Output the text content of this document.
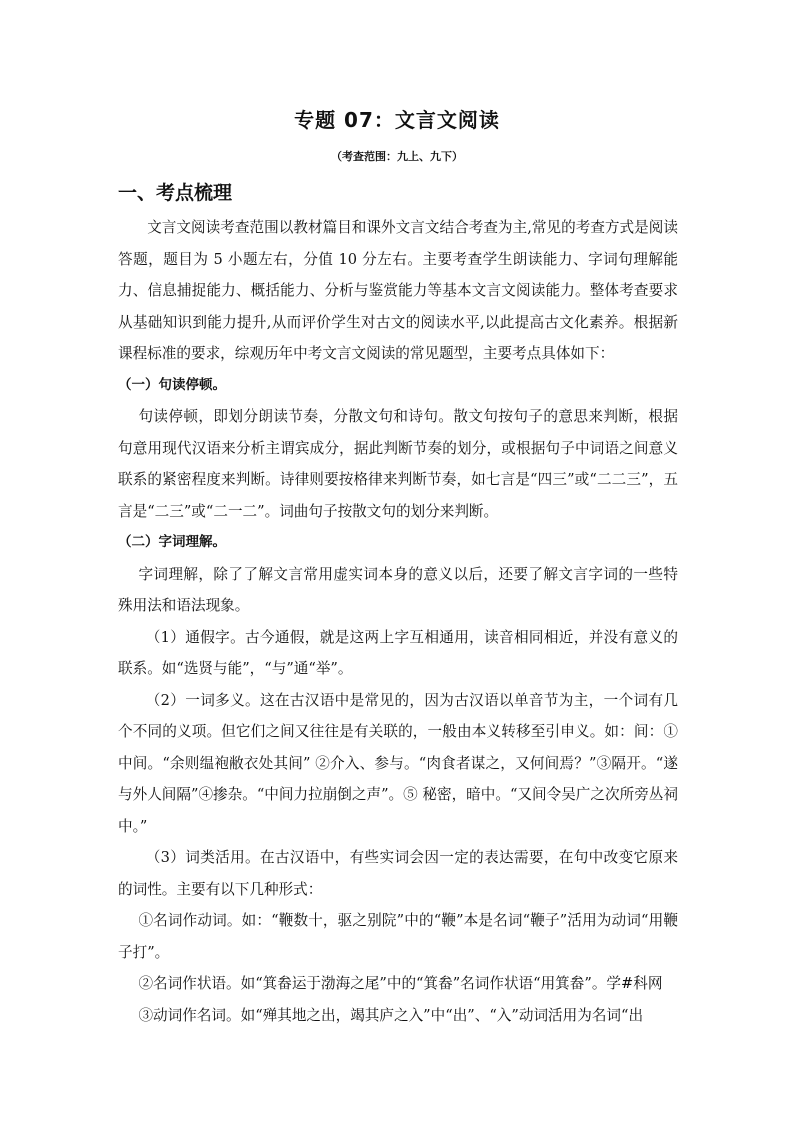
专题 07：文言文阅读
（考查范围：九上、九下）
一、考点梳理

文言文阅读考查范围以教材篇目和课外文言文结合考查为主,常见的考查方式是阅读答题，题目为 5 小题左右，分值 10 分左右。主要考查学生朗读能力、字词句理解能力、信息捕捉能力、概括能力、分析与鉴赏能力等基本文言文阅读能力。整体考查要求从基础知识到能力提升,从而评价学生对古文的阅读水平,以此提高古文化素养。根据新课程标准的要求，综观历年中考文言文阅读的常见题型，主要考点具体如下：

（一）句读停顿。

句读停顿，即划分朗读节奏，分散文句和诗句。散文句按句子的意思来判断，根据句意用现代汉语来分析主谓宾成分，据此判断节奏的划分，或根据句子中词语之间意义联系的紧密程度来判断。诗律则要按格律来判断节奏，如七言是“四三”或“二二三”，五言是“二三”或“二一二”。词曲句子按散文句的划分来判断。

（二）字词理解。

字词理解，除了了解文言常用虚实词本身的意义以后，还要了解文言字词的一些特殊用法和语法现象。

（1）通假字。古今通假，就是这两上字互相通用，读音相同相近，并没有意义的联系。如“选贤与能”，“与”通“举”。

（2）一词多义。这在古汉语中是常见的，因为古汉语以单音节为主，一个词有几个不同的义项。但它们之间又往往是有关联的，一般由本义转移至引申义。如：间：①中间。“余则缊袍敝衣处其间” ②介入、参与。“肉食者谋之，又何间焉？”③隔开。“遂与外人间隔”④掺杂。“中间力拉崩倒之声”。⑤ 秘密，暗中。“又间令吴广之次所旁丛祠中。”

（3）词类活用。在古汉语中，有些实词会因一定的表达需要，在句中改变它原来的词性。主要有以下几种形式：

①名词作动词。如：“鞭数十，驱之别院”中的“鞭”本是名词“鞭子”活用为动词“用鞭子打”。

②名词作状语。如“箕畚运于渤海之尾”中的“箕畚”名词作状语“用箕畚”。学#科网

③动词作名词。如“殚其地之出，竭其庐之入”中“出”、“入”动词活用为名词“出
